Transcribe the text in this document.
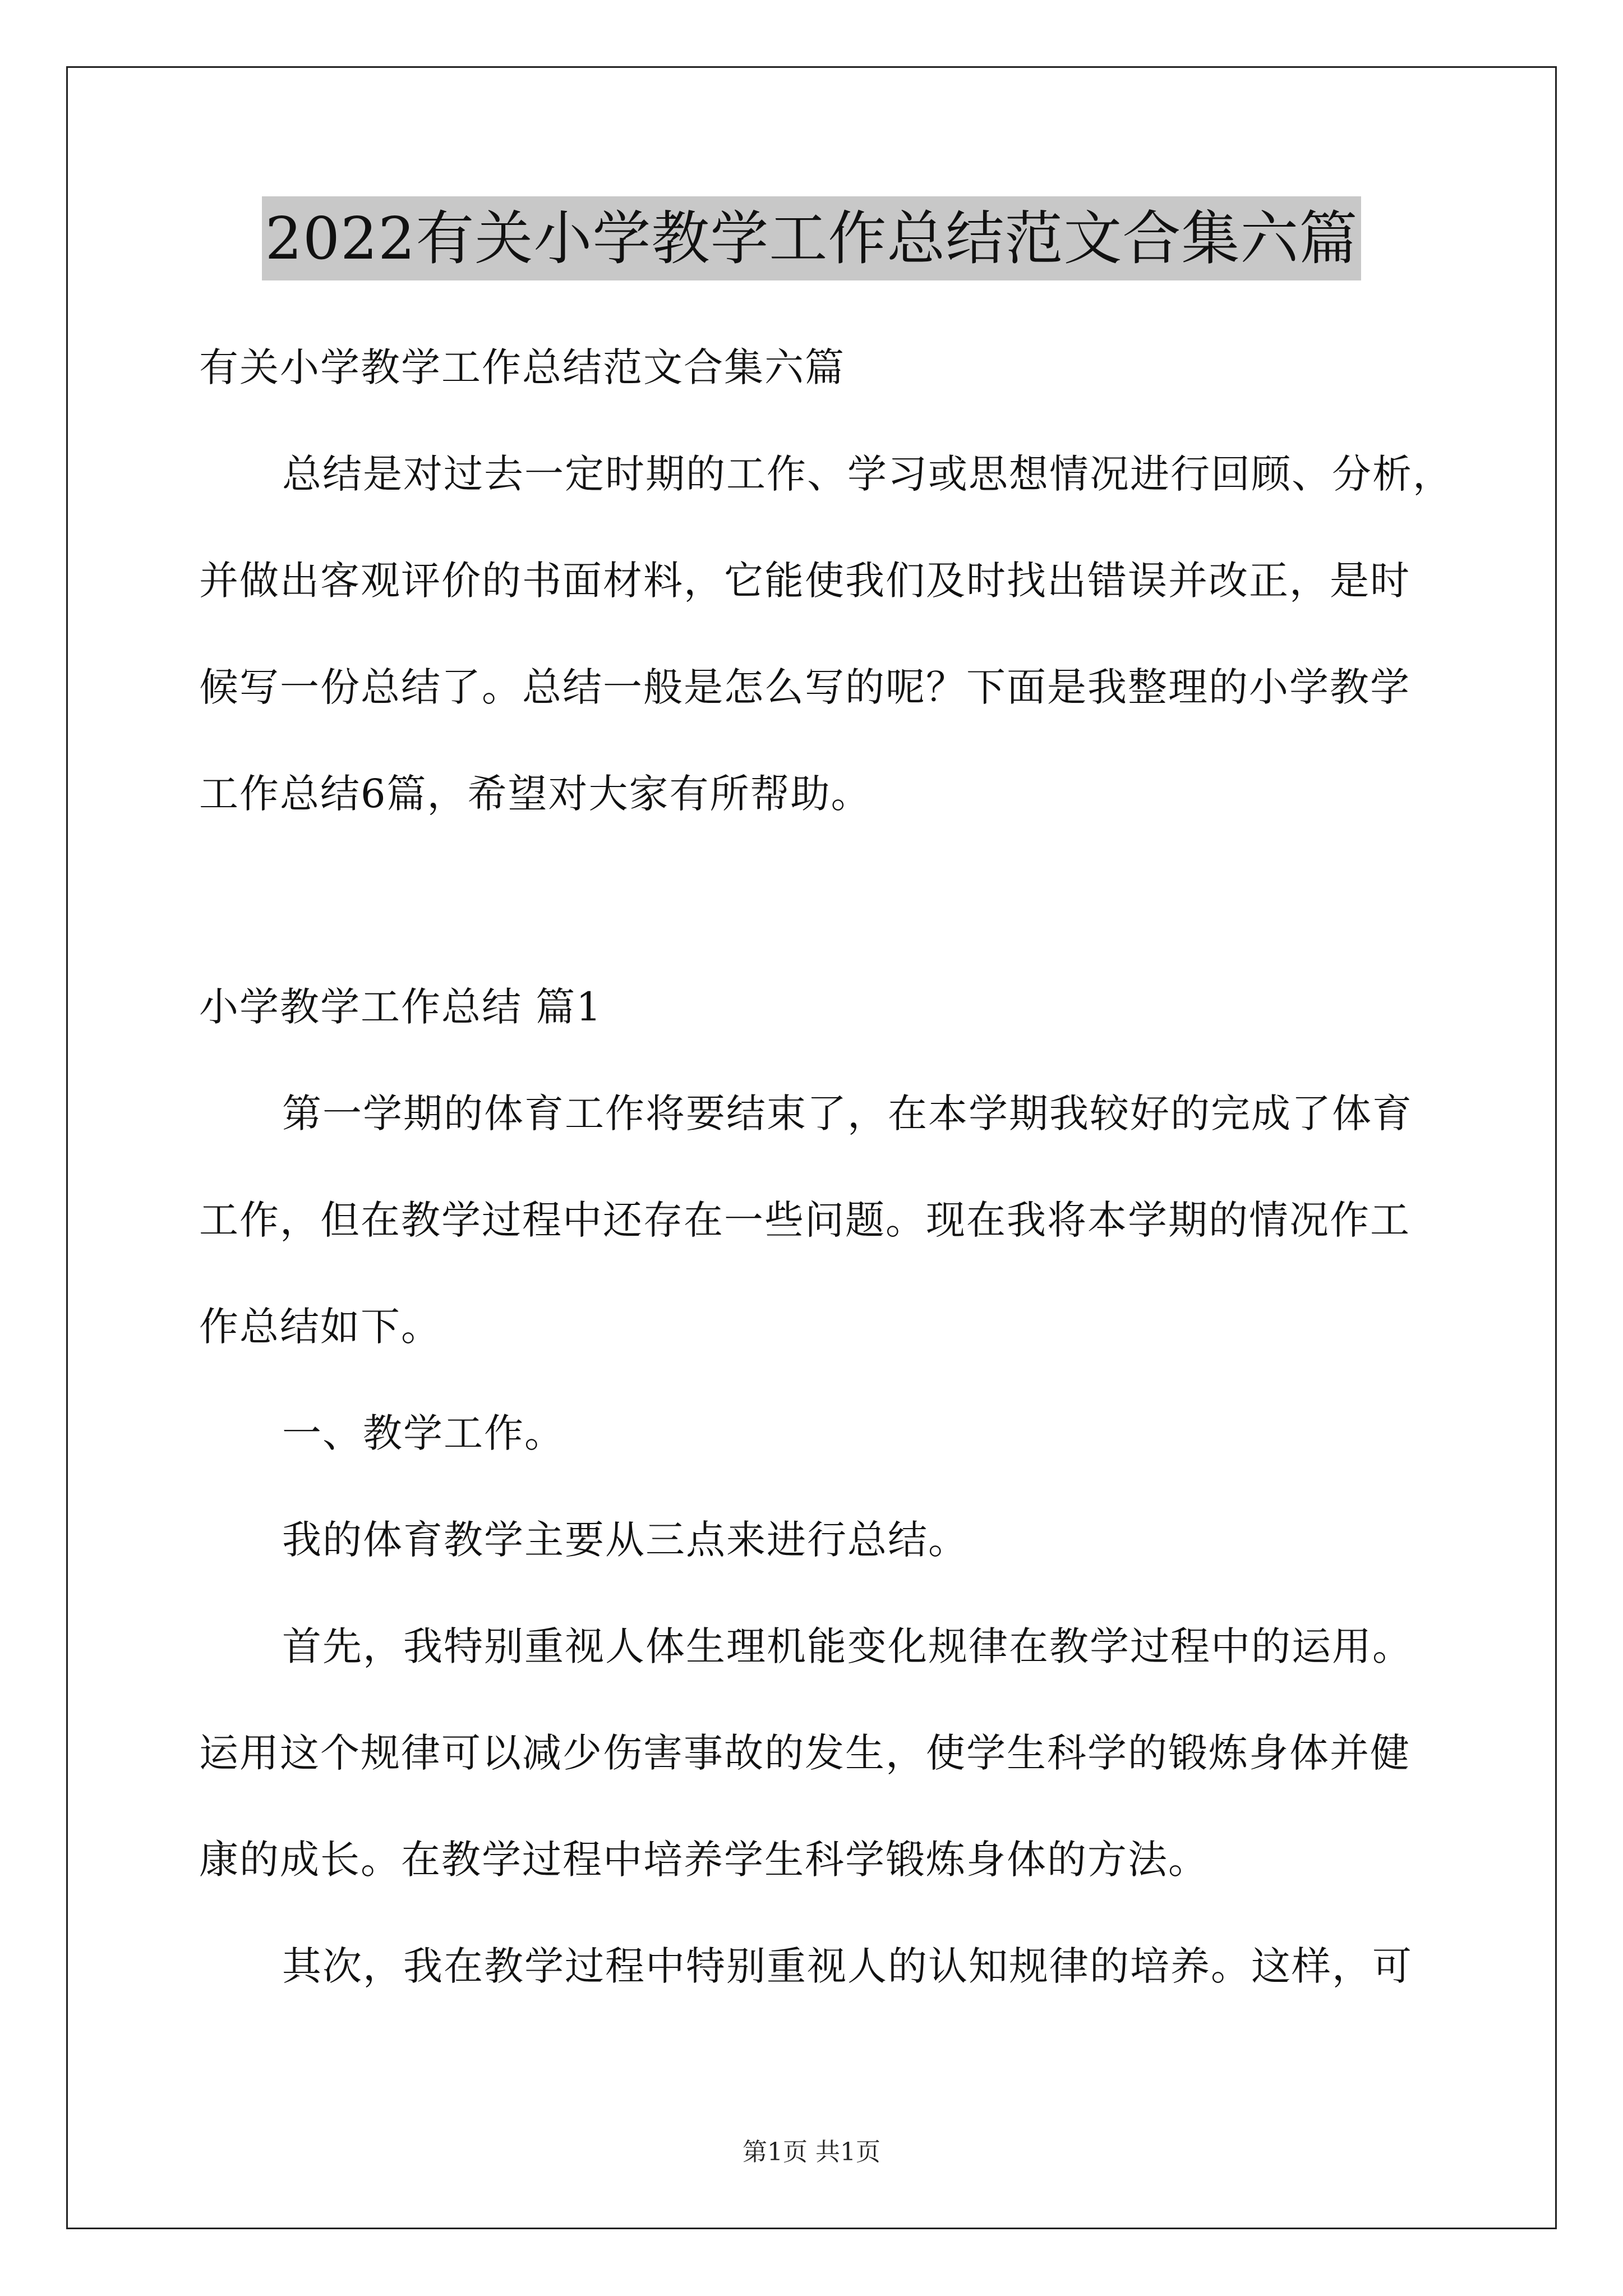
2022有关小学教学工作总结范文合集六篇
有关小学教学工作总结范文合集六篇
总结是对过去一定时期的工作、学习或思想情况进行回顾、分析，
并做出客观评价的书面材料，它能使我们及时找出错误并改正，是时
候写一份总结了。总结一般是怎么写的呢？下面是我整理的小学教学
工作总结6篇，希望对大家有所帮助。
小学教学工作总结 篇1
第一学期的体育工作将要结束了，在本学期我较好的完成了体育
工作，但在教学过程中还存在一些问题。现在我将本学期的情况作工
作总结如下。
一、教学工作。
我的体育教学主要从三点来进行总结。
首先，我特别重视人体生理机能变化规律在教学过程中的运用。
运用这个规律可以减少伤害事故的发生，使学生科学的锻炼身体并健
康的成长。在教学过程中培养学生科学锻炼身体的方法。
其次，我在教学过程中特别重视人的认知规律的培养。这样，可
第1页 共1页
